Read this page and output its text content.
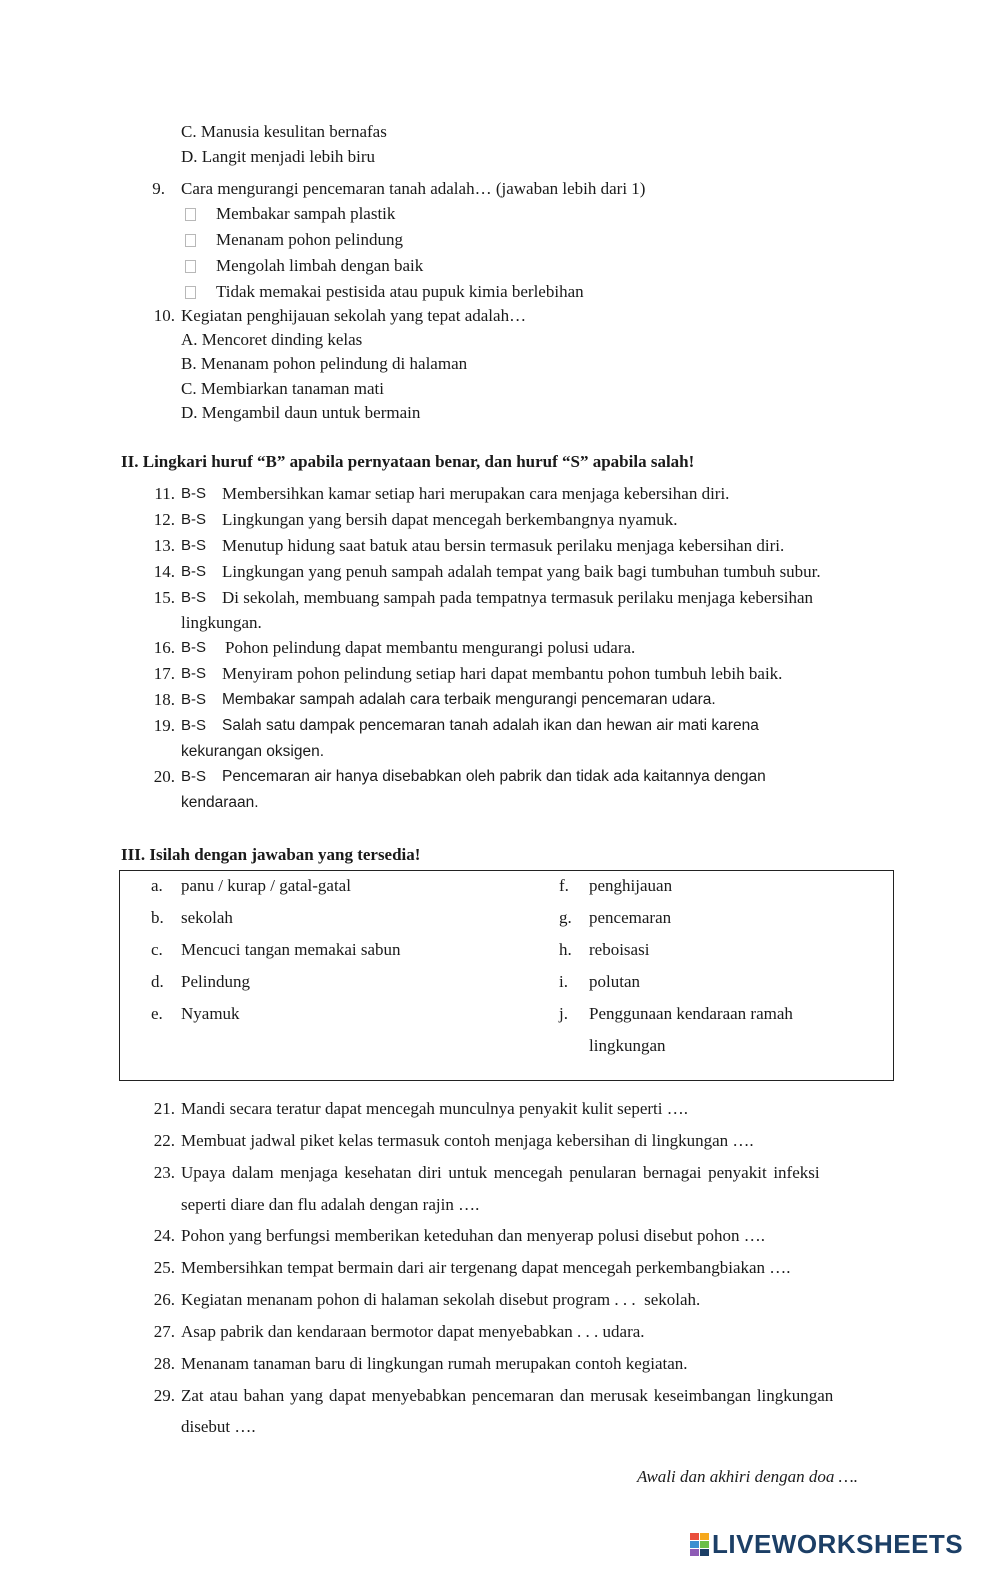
C. Manusia kesulitan bernafas
D. Langit menjadi lebih biru
9. Cara mengurangi pencemaran tanah adalah… (jawaban lebih dari 1)
Membakar sampah plastik
Menanam pohon pelindung
Mengolah limbah dengan baik
Tidak memakai pestisida atau pupuk kimia berlebihan
10. Kegiatan penghijauan sekolah yang tepat adalah…
A. Mencoret dinding kelas
B. Menanam pohon pelindung di halaman
C. Membiarkan tanaman mati
D. Mengambil daun untuk bermain
II. Lingkari huruf “B” apabila pernyataan benar, dan huruf “S” apabila salah!
11. B-S Membersihkan kamar setiap hari merupakan cara menjaga kebersihan diri.
12. B-S Lingkungan yang bersih dapat mencegah berkembangnya nyamuk.
13. B-S Menutup hidung saat batuk atau bersin termasuk perilaku menjaga kebersihan diri.
14. B-S Lingkungan yang penuh sampah adalah tempat yang baik bagi tumbuhan tumbuh subur.
15. B-S Di sekolah, membuang sampah pada tempatnya termasuk perilaku menjaga kebersihan
lingkungan.
16. B-S Pohon pelindung dapat membantu mengurangi polusi udara.
17. B-S Menyiram pohon pelindung setiap hari dapat membantu pohon tumbuh lebih baik.
18. B-S Membakar sampah adalah cara terbaik mengurangi pencemaran udara.
19. B-S Salah satu dampak pencemaran tanah adalah ikan dan hewan air mati karena
kekurangan oksigen.
20. B-S Pencemaran air hanya disebabkan oleh pabrik dan tidak ada kaitannya dengan
kendaraan.
III. Isilah dengan jawaban yang tersedia!
a. panu / kurap / gatal-gatal
b. sekolah
c. Mencuci tangan memakai sabun
d. Pelindung
e. Nyamuk
f. penghijauan
g. pencemaran
h. reboisasi
i. polutan
j. Penggunaan kendaraan ramah
lingkungan
21. Mandi secara teratur dapat mencegah munculnya penyakit kulit seperti ….
22. Membuat jadwal piket kelas termasuk contoh menjaga kebersihan di lingkungan ….
23. Upaya dalam menjaga kesehatan diri untuk mencegah penularan bernagai penyakit infeksi
seperti diare dan flu adalah dengan rajin ….
24. Pohon yang berfungsi memberikan keteduhan dan menyerap polusi disebut pohon ….
25. Membersihkan tempat bermain dari air tergenang dapat mencegah perkembangbiakan ….
26. Kegiatan menanam pohon di halaman sekolah disebut program . . .  sekolah.
27. Asap pabrik dan kendaraan bermotor dapat menyebabkan . . . udara.
28. Menanam tanaman baru di lingkungan rumah merupakan contoh kegiatan.
29. Zat atau bahan yang dapat menyebabkan pencemaran dan merusak keseimbangan lingkungan
disebut ….
Awali dan akhiri dengan doa ….
LIVEWORKSHEETS
